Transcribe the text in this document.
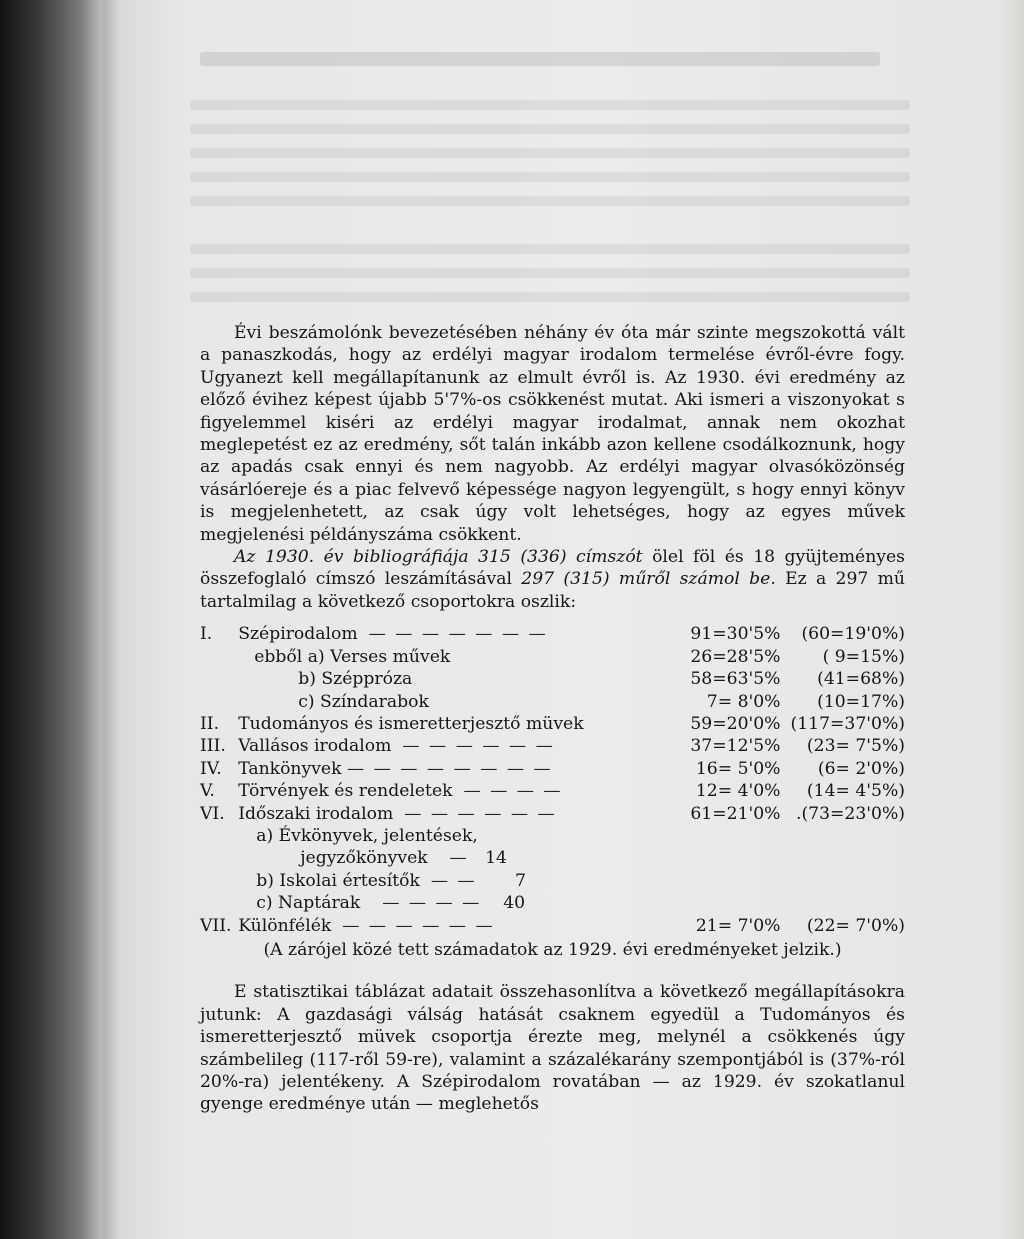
Évi beszámolónk bevezetésében néhány év óta már szinte megszokottá vált a panaszkodás, hogy az erdélyi magyar irodalom termelése évről-évre fogy. Ugyanezt kell megállapítanunk az elmult évről is. Az 1930. évi eredmény az előző évihez képest újabb 5'7%-os csökkenést mutat. Aki ismeri a viszonyokat s figyelemmel kiséri az erdélyi magyar irodalmat, annak nem okozhat meglepetést ez az eredmény, sőt talán inkább azon kellene csodálkoznunk, hogy az apadás csak ennyi és nem nagyobb. Az erdélyi magyar olvasóközönség vásárlóereje és a piac felvevő képessége nagyon legyengült, s hogy ennyi könyv is megjelenhetett, az csak úgy volt lehetséges, hogy az egyes művek megjelenési példányszáma csökkent.

Az 1930. év bibliográfiája 315 (336) címszót ölel föl és 18 gyüjteményes összefoglaló címszó leszámításával 297 (315) műről számol be. Ez a 297 mű tartalmilag a következő csoportokra oszlik:

I.	Szépirodalom — — — — — — —	91=30'5%	(60=19'0%)
	ebből a) Verses művek	26=28'5%	( 9=15%)
	b) Széppróza	58=63'5%	(41=68%)
	c) Színdarabok	7= 8'0%	(10=17%)
II.	Tudományos és ismeretterjesztő müvek	59=20'0%	(117=37'0%)
III.	Vallásos irodalom — — — — — —	37=12'5%	(23= 7'5%)
IV.	Tankönyvek — — — — — — — —	16= 5'0%	(6= 2'0%)
V.	Törvények és rendeletek — — — —	12= 4'0%	(14= 4'5%)
VI.	Időszaki irodalom — — — — — —	61=21'0%	.(73=23'0%)
	a) Évkönyvek, jelentések,		
	jegyzőkönyvek — 14		
	b) Iskolai értesítők — — 7		
	c) Naptárak — — — — 40		
VII.	Különfélék — — — — — —	21= 7'0%	(22= 7'0%)

(A zárójel közé tett számadatok az 1929. évi eredményeket jelzik.)

E statisztikai táblázat adatait összehasonlítva a következő megállapításokra jutunk: A gazdasági válság hatását csaknem egyedül a Tudományos és ismeretterjesztő müvek csoportja érezte meg, melynél a csökkenés úgy számbelileg (117-ről 59-re), valamint a százalékarány szempontjából is (37%-ról 20%-ra) jelentékeny. A Szépirodalom rovatában — az 1929. év szokatlanul gyenge eredménye után — meglehetős
